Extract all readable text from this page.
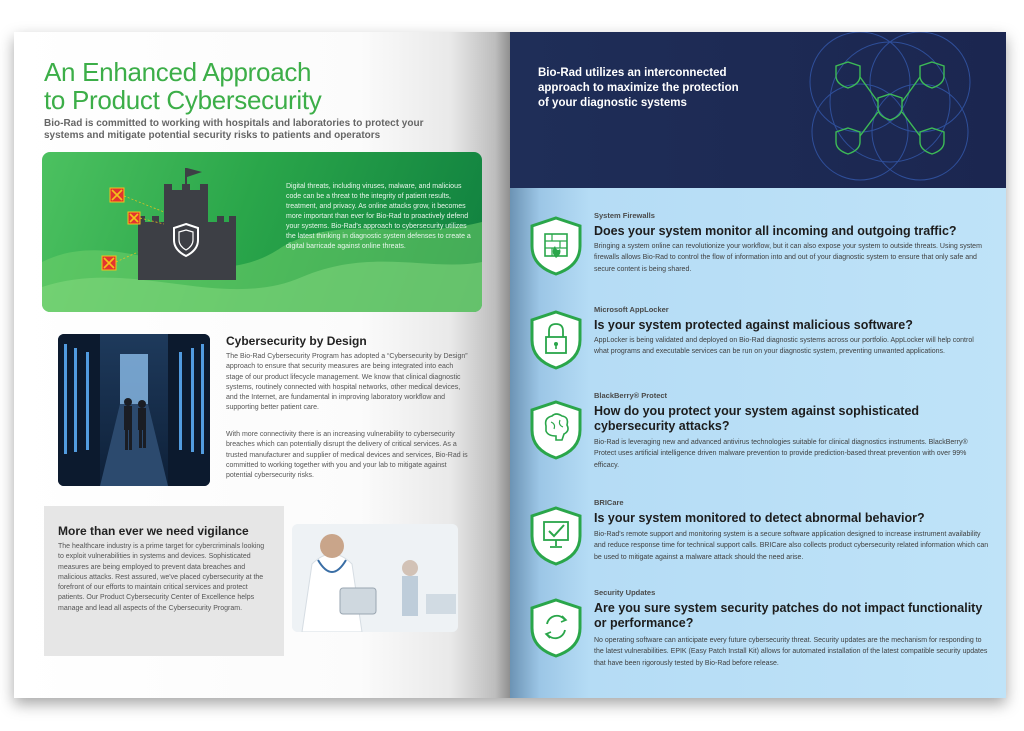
An Enhanced Approach
to Product Cybersecurity

Bio-Rad is committed to working with hospitals and laboratories to protect your systems and mitigate potential security risks to patients and operators

Digital threats, including viruses, malware, and malicious code can be a threat to the integrity of patient results, treatment, and privacy. As online attacks grow, it becomes more important than ever for Bio-Rad to proactively defend your systems. Bio-Rad's approach to cybersecurity utilizes the latest thinking in diagnostic system defenses to create a digital barricade against online threats.

Cybersecurity by Design

The Bio-Rad Cybersecurity Program has adopted a “Cybersecurity by Design” approach to ensure that security measures are being integrated into each stage of our product lifecycle management. We know that clinical diagnostic systems, routinely connected with hospital networks, other medical devices, and the Internet, are fundamental in improving laboratory workflow and supporting better patient care.

With more connectivity there is an increasing vulnerability to cybersecurity breaches which can potentially disrupt the delivery of critical services. As a trusted manufacturer and supplier of medical devices and services, Bio-Rad is committed to working together with you and your lab to mitigate against potential cybersecurity risks.

More than ever we need vigilance

The healthcare industry is a prime target for cybercriminals looking to exploit vulnerabilities in systems and devices. Sophisticated measures are being employed to prevent data breaches and malicious attacks. Rest assured, we've placed cybersecurity at the forefront of our efforts to maintain critical services and protect patients. Our Product Cybersecurity Center of Excellence helps manage and lead all aspects of the Cybersecurity Program.

Bio-Rad utilizes an interconnected
approach to maximize the protection
of your diagnostic systems
System Firewalls
Does your system monitor all incoming and outgoing traffic?

Bringing a system online can revolutionize your workflow, but it can also expose your system to outside threats. Using system firewalls allows Bio-Rad to control the flow of information into and out of your diagnostic system to ensure that only safe and secure content is being shared.

Microsoft AppLocker
Is your system protected against malicious software?

AppLocker is being validated and deployed on Bio-Rad diagnostic systems across our portfolio. AppLocker will help control what programs and executable services can be run on your diagnostic system, preventing unwanted applications.

BlackBerry® Protect
How do you protect your system against sophisticated cybersecurity attacks?

Bio-Rad is leveraging new and advanced antivirus technologies suitable for clinical diagnostics instruments. BlackBerry® Protect uses artificial intelligence driven malware prevention to provide prediction-based threat prevention with over 99% efficacy.

BRICare
Is your system monitored to detect abnormal behavior?

Bio-Rad's remote support and monitoring system is a secure software application designed to increase instrument availability and reduce response time for technical support calls. BRICare also collects product cybersecurity related information which can be used to mitigate against a malware attack should the need arise.

Security Updates
Are you sure system security patches do not impact functionality or performance?

No operating software can anticipate every future cybersecurity threat. Security updates are the mechanism for responding to the latest vulnerabilities. EPIK (Easy Patch Install Kit) allows for automated installation of the latest compatible security updates that have been rigorously tested by Bio-Rad before release.
